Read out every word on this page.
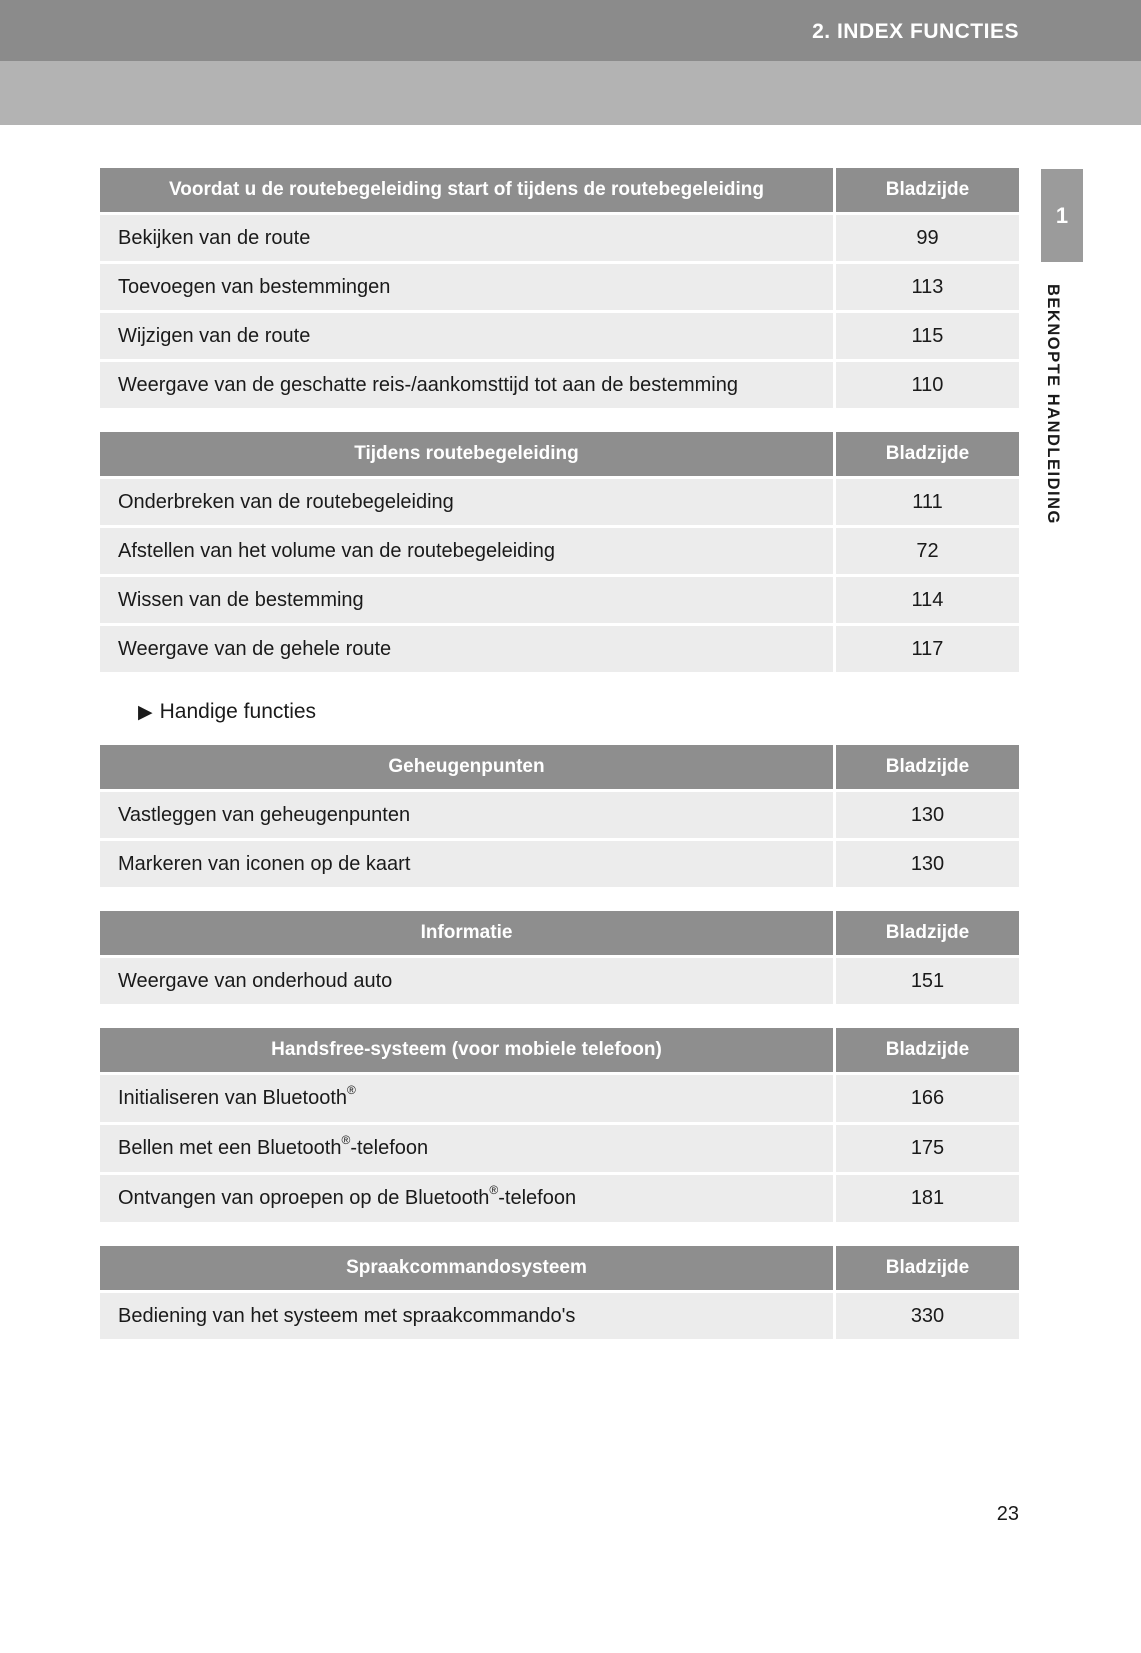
2. INDEX FUNCTIES
1
BEKNOPTE HANDLEIDING
Voordat u de routebegeleiding start of tijdens de routebegeleiding	Bladzijde
Bekijken van de route	99
Toevoegen van bestemmingen	113
Wijzigen van de route	115
Weergave van de geschatte reis-/aankomsttijd tot aan de bestemming	110
Tijdens routebegeleiding	Bladzijde
Onderbreken van de routebegeleiding	111
Afstellen van het volume van de routebegeleiding	72
Wissen van de bestemming	114
Weergave van de gehele route	117
▶ Handige functies
Geheugenpunten	Bladzijde
Vastleggen van geheugenpunten	130
Markeren van iconen op de kaart	130
Informatie	Bladzijde
Weergave van onderhoud auto	151
Handsfree-systeem (voor mobiele telefoon)	Bladzijde
Initialiseren van Bluetooth®	166
Bellen met een Bluetooth®-telefoon	175
Ontvangen van oproepen op de Bluetooth®-telefoon	181
Spraakcommandosysteem	Bladzijde
Bediening van het systeem met spraakcommando's	330
23
